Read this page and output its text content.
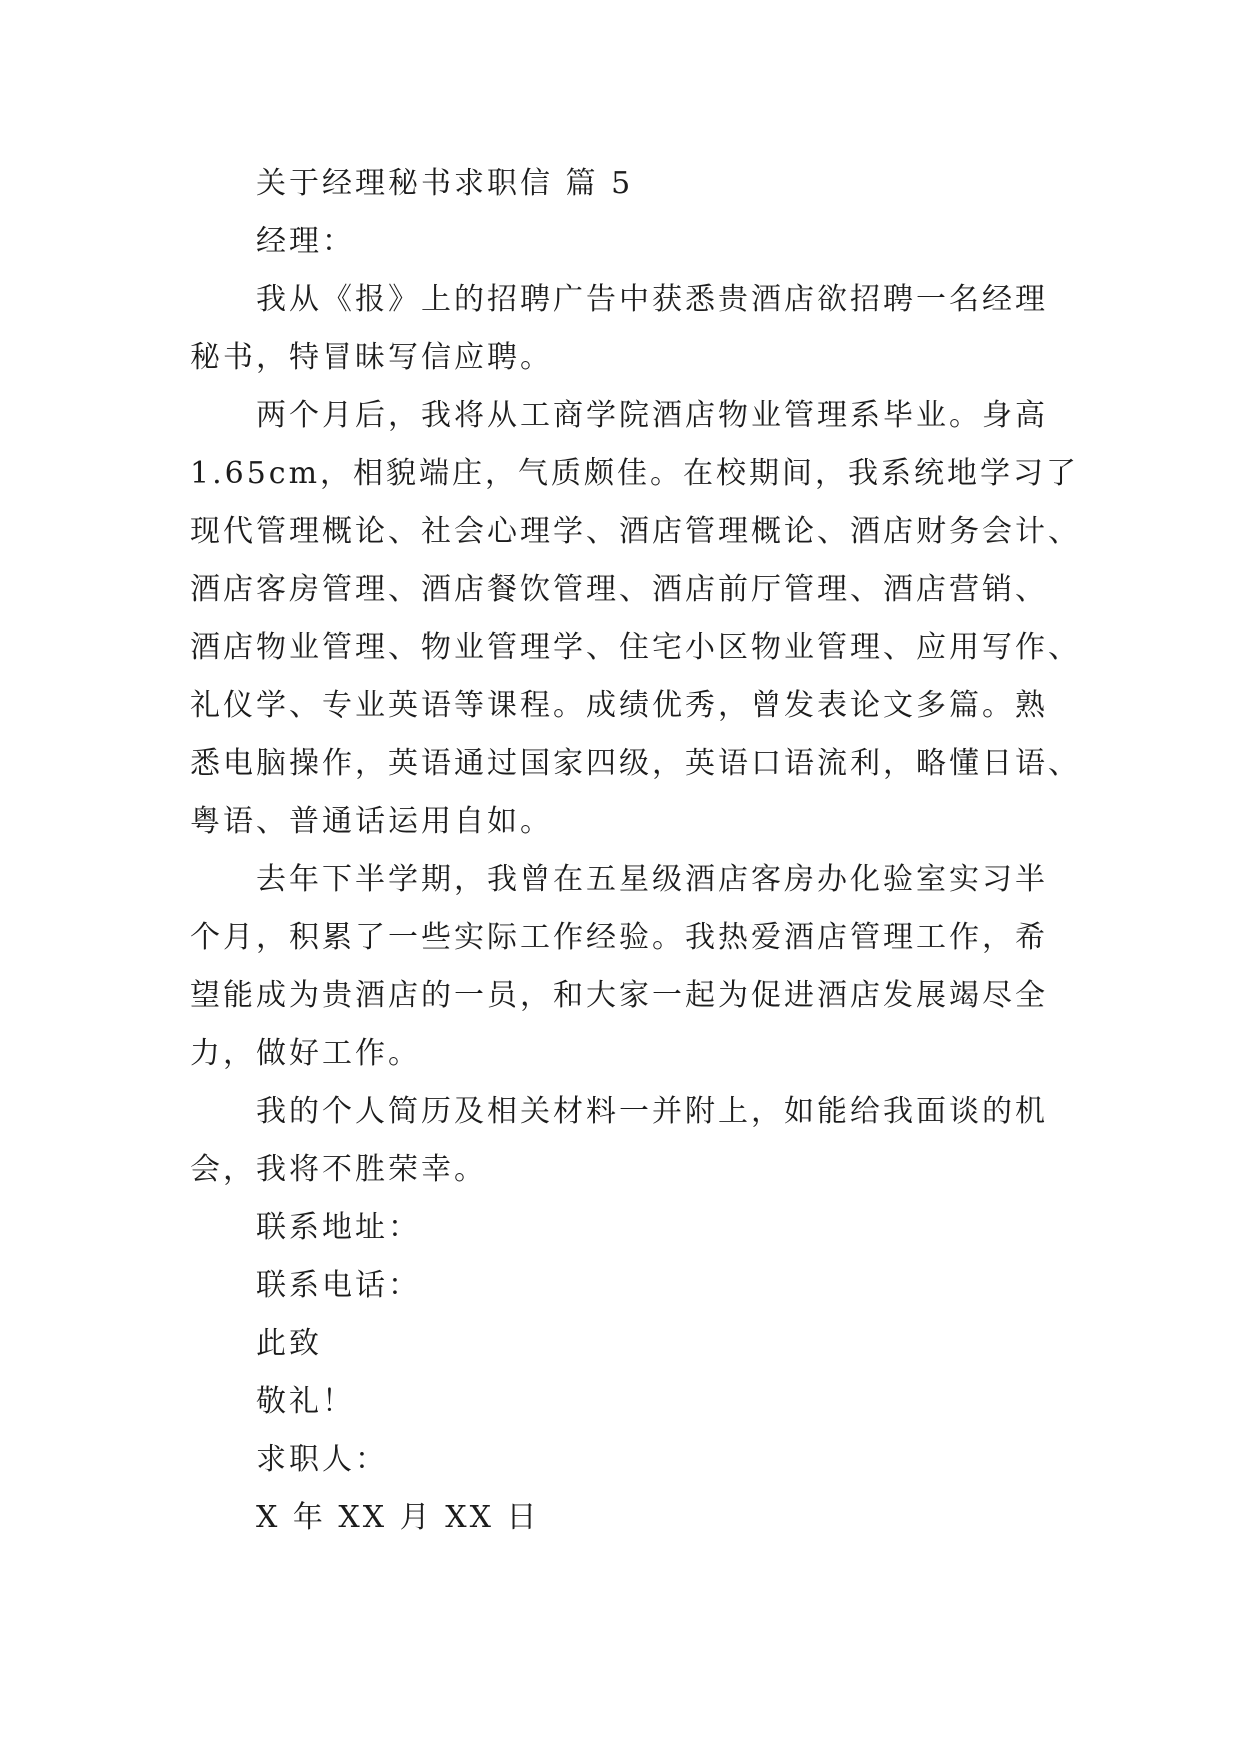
关于经理秘书求职信 篇 5
经理：
我从《报》上的招聘广告中获悉贵酒店欲招聘一名经理
秘书，特冒昧写信应聘。
两个月后，我将从工商学院酒店物业管理系毕业。身高
1.65cm，相貌端庄，气质颇佳。在校期间，我系统地学习了
现代管理概论、社会心理学、酒店管理概论、酒店财务会计、
酒店客房管理、酒店餐饮管理、酒店前厅管理、酒店营销、
酒店物业管理、物业管理学、住宅小区物业管理、应用写作、
礼仪学、专业英语等课程。成绩优秀，曾发表论文多篇。熟
悉电脑操作，英语通过国家四级，英语口语流利，略懂日语、
粤语、普通话运用自如。
去年下半学期，我曾在五星级酒店客房办化验室实习半
个月，积累了一些实际工作经验。我热爱酒店管理工作，希
望能成为贵酒店的一员，和大家一起为促进酒店发展竭尽全
力，做好工作。
我的个人简历及相关材料一并附上，如能给我面谈的机
会，我将不胜荣幸。
联系地址：
联系电话：
此致
敬礼！
求职人：
X 年 XX 月 XX 日
